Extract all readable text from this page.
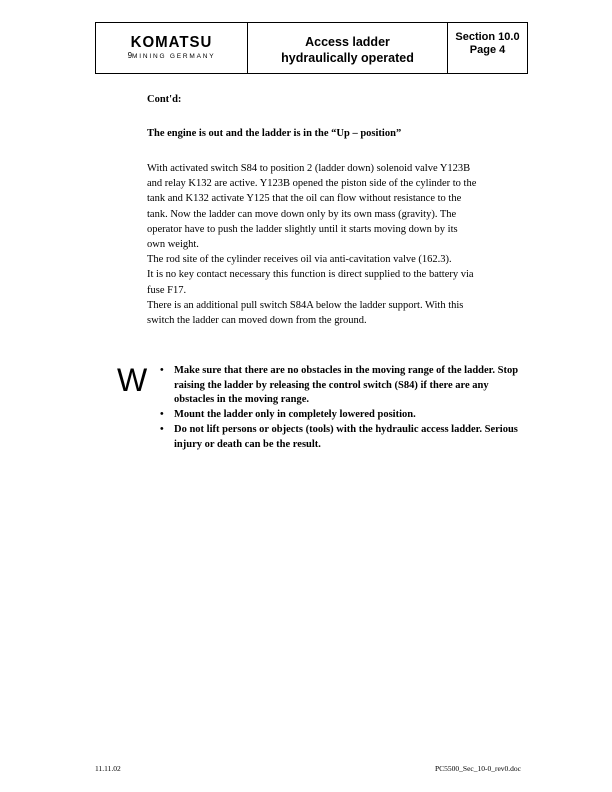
KOMATSU
9MINING GERMANY
Access ladder
hydraulically operated
Section 10.0
Page 4

Cont'd:

The engine is out and the ladder is in the “Up – position”

With activated switch S84 to position 2 (ladder down) solenoid valve Y123B
and relay K132 are active. Y123B opened the piston side of the cylinder to the
tank and K132 activate Y125 that the oil can flow without resistance to the
tank. Now the ladder can move down only by its own mass (gravity). The
operator have to push the ladder slightly until it starts moving down by its
own weight.
The rod site of the cylinder receives oil via anti-cavitation valve (162.3).
It is no key contact necessary this function is direct supplied to the battery via
fuse F17.
There is an additional pull switch S84A below the ladder support. With this
switch the ladder can moved down from the ground.
W • Make sure that there are no obstacles in the moving range of the ladder. Stop raising the ladder by releasing the control switch (S84) if there are any obstacles in the moving range.
• Mount the ladder only in completely lowered position.
• Do not lift persons or objects (tools) with the hydraulic access ladder. Serious injury or death can be the result.
11.11.02	PC5500_Sec_10-0_rev0.doc
